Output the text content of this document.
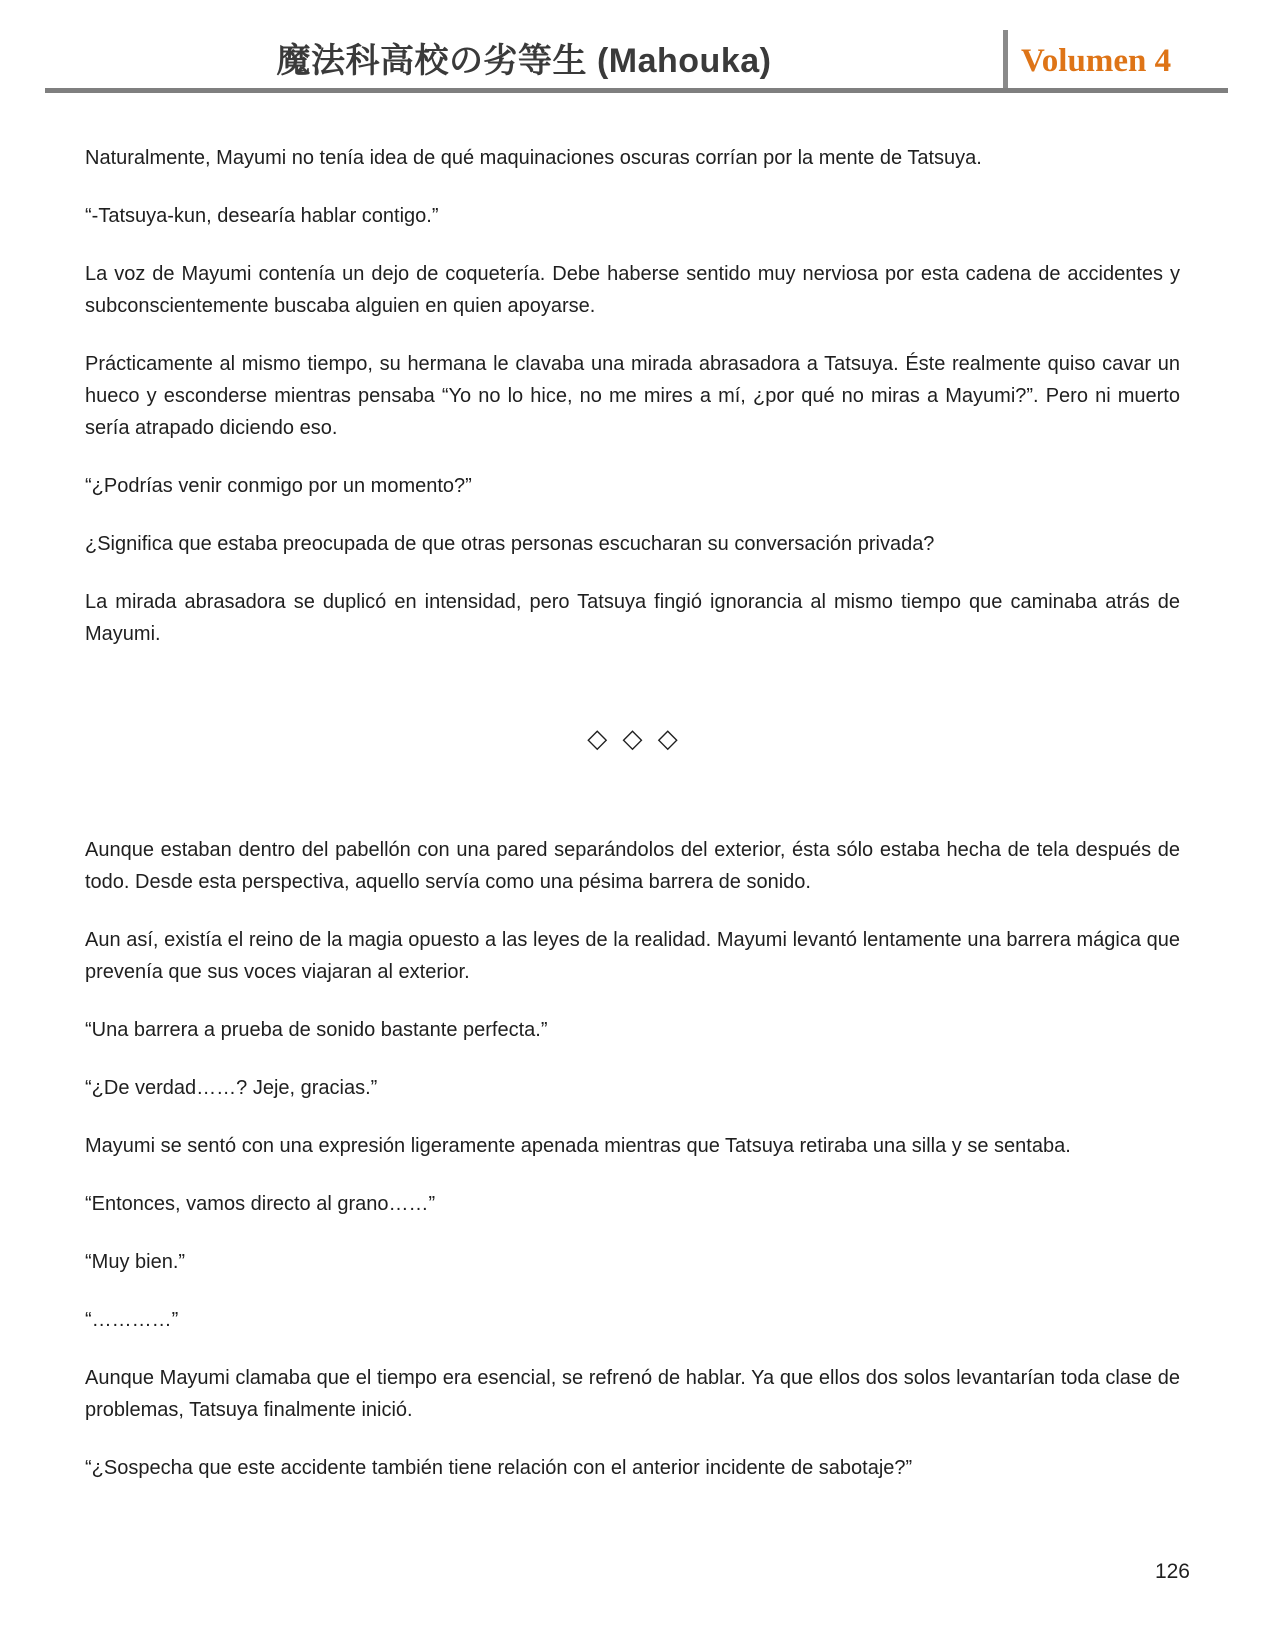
魔法科高校の劣等生 (Mahouka)	Volumen 4

Naturalmente, Mayumi no tenía idea de qué maquinaciones oscuras corrían por la mente de Tatsuya.

“-Tatsuya-kun, desearía hablar contigo.”

La voz de Mayumi contenía un dejo de coquetería. Debe haberse sentido muy nerviosa por esta cadena de accidentes y subconscientemente buscaba alguien en quien apoyarse.

Prácticamente al mismo tiempo, su hermana le clavaba una mirada abrasadora a Tatsuya. Éste realmente quiso cavar un hueco y esconderse mientras pensaba “Yo no lo hice, no me mires a mí, ¿por qué no miras a Mayumi?”. Pero ni muerto sería atrapado diciendo eso.

“¿Podrías venir conmigo por un momento?”

¿Significa que estaba preocupada de que otras personas escucharan su conversación privada?

La mirada abrasadora se duplicó en intensidad, pero Tatsuya fingió ignorancia al mismo tiempo que caminaba atrás de Mayumi.

◇ ◇ ◇

Aunque estaban dentro del pabellón con una pared separándolos del exterior, ésta sólo estaba hecha de tela después de todo. Desde esta perspectiva, aquello servía como una pésima barrera de sonido.

Aun así, existía el reino de la magia opuesto a las leyes de la realidad. Mayumi levantó lentamente una barrera mágica que prevenía que sus voces viajaran al exterior.

“Una barrera a prueba de sonido bastante perfecta.”

“¿De verdad……? Jeje, gracias.”

Mayumi se sentó con una expresión ligeramente apenada mientras que Tatsuya retiraba una silla y se sentaba.

“Entonces, vamos directo al grano……”

“Muy bien.”

“…………”

Aunque Mayumi clamaba que el tiempo era esencial, se refrenó de hablar. Ya que ellos dos solos levantarían toda clase de problemas, Tatsuya finalmente inició.

“¿Sospecha que este accidente también tiene relación con el anterior incidente de sabotaje?”

126
